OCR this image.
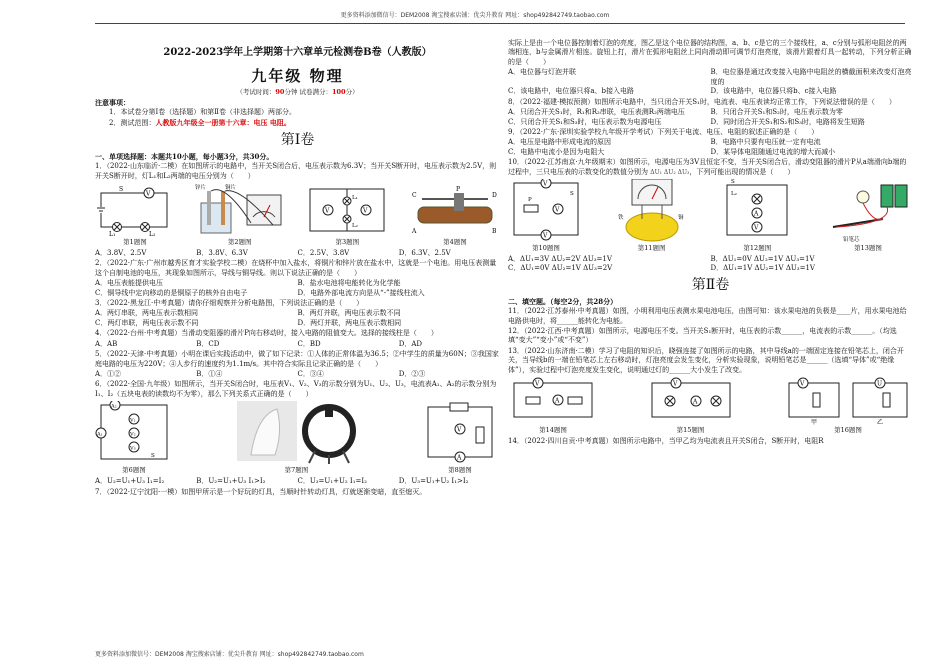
更多资料添加微信号：DEM2008 淘宝搜索店铺：优尖升教育 网址：shop492842749.taobao.com
2022-2023学年上学期第十六章单元检测卷B卷（人教版）
九年级 物理
（考试时间：90分钟 试卷满分：100分）
注意事项：
1．本试卷分第Ⅰ卷（选择题）和第Ⅱ卷（非选择题）两部分。
2．测试范围：人教版九年级全一册第十六章：电压 电阻。
第Ⅰ卷
一、单项选择题：本题共10小题，每小题3分，共30分。
1．（2022·山东临沂·二模）在如图所示的电路中，当开关S闭合后，电压表示数为6.3V；当开关S断开时，电压表示数为2.5V，则开关S断开时，灯L₁和L₂两端的电压分别为（　　）
V
S
L₁	L₂
第1题图
锌片	铜片
第2题图
V	V
L₁
L₂
第3题图
P
C	D
A	B
第4题图
A．3.8V、2.5V	B．3.8V、6.3V	C．2.5V、3.8V	D．6.3V、2.5V
2．（2022·广东·广州市越秀区育才实验学校二模）在烧杯中加入盐水，将铜片和锌片放在盐水中，这就是一个电池。用电压表测量这个自制电池的电压，其现象如图所示，导线与铜导线。则以下说法正确的是（　　）
A．电压表能提供电压	B．盐水电池将电能转化为化学能
C．铜导线中定向移动的是铜原子的核外自由电子	D．电路外部电流方向是从“-”接线柱流入
3．（2022·黑龙江·中考真题）请你仔细观察并分析电路图，下列说法正确的是（　　）
A．两灯串联，两电压表示数相同	B．两灯并联，两电压表示数不同
C．两灯串联，两电压表示数不同	D．两灯并联，两电压表示数相同
4．（2022·台州·中考真题）当滑动变阻器的滑片P向右移动时，接入电路的阻值变大。选择的接线柱是（　　）
A．AB	B．CD	C．BD	D．AD
5．（2022·天津·中考真题）小明在课后实践活动中，做了如下记录：①人体的正常体温为36.5；②中学生的质量为60N；③我国家庭电路的电压为220V；④人步行的速度约为1.1m/s。其中符合实际且记录正确的是（　　）
A．①②	B．①④	C．③④	D．②③
6．（2022·全国·九年级）如图所示，当开关S闭合时，电压表V₁、V₂、V₃的示数分别为U₁、U₂、U₃，电流表A₁、A₂的示数分别为I₁、I₂（五块电表的读数均不为零），那么下列关系式正确的是（　　）
A₂
V₁
V₂
V₃
A₁
S
第6题图	第7题图
V
A
第8题图
A．U₂=U₁+U₃ I₁=I₂	B．U₂=U₁+U₃ I₁>I₂	C．U₃=U₁+U₂ I₁=I₂	D．U₃=U₁+U₂ I₁>I₂
7．（2022·辽宁沈阳·一模）如图甲所示是一个好玩的灯具，当顺时针转动灯具，灯就逐渐变暗，直至熄灭。
实际上是由一个电位器控制着灯泡的亮度，图乙是这个电位器的结构图，a、b、c是它的三个接线柱，a、c分别与弧形电阻丝的两端相连，b与金属滑片相连。旋钮上打，滑片在弧形电阻丝上同向滑动即可调节灯泡亮度，该滑片跟着灯具一起转动，下列分析正确的是（　　）
A．电位器与灯泡并联	B．电位器是通过改变接入电路中电阻丝的横截面积来改变灯泡亮度的
C．该电路中，电位器只将a、b接入电路	D．该电路中，电位器只将b、c接入电路
8．（2022·福建·模拟预测）如图所示电路中，当只闭合开关S₁时，电流表、电压表读均正常工作，下列说法错误的是（　　）
A．只闭合开关S₁时，R₁和R₂串联，电压表测R₂两端电压	B．只闭合开关S₁和S₂时，电压表示数为零
C．只闭合开关S₁和S₃时，电压表示数为电源电压	D．同时闭合开关S₁和S₂和S₃时，电路将发生短路
9．（2022·广东·深圳实验学校九年级开学考试）下列关于电流、电压、电阻的叙述正确的是（　　）
A．电压是电路中形成电流的原因	B．电路中只要有电压就一定有电流
C．电路中电流小是因为电阻大	D．某导体电阻随通过电流的增大而减小
10．（2022·江苏南京·九年级期末）如图所示，电源电压为3V且恒定不变，当开关S闭合后，滑动变阻器的滑片P从a端滑向b端的过程中，三只电压表的示数变化的数值分别为 ΔU₁ ΔU₂ ΔU₃，下列可能出现的情况是（　　）
V
V
V
P
S
第10题图
铁	铜
第11题图
A
V
L₂
S
第12题图
铅笔芯
第13题图
A．ΔU₁=3V ΔU₂=2V ΔU₃=1V	B．ΔU₁=0V ΔU₂=1V ΔU₃=1V
C．ΔU₁=0V ΔU₂=1V ΔU₃=2V	D．ΔU₁=1V ΔU₂=1V ΔU₃=1V
第Ⅱ卷
二、填空题。（每空2分，共28分）
11．（2022·江苏泰州·中考真题）如图，小明利用电压表测水果电池电压，由图可知：该水果电池的负极是____片，用水果电池给电路供电时，将______能转化为电能。
12．（2022·江西·中考真题）如图所示，电源电压不变。当开关S₁断开时，电压表的示数______，电流表的示数______。（均选填“变大”“变小”或“不变”）
13．（2022·山东济南·二模）学习了电阻的知识后，晓强连接了如图所示的电路，其中导线a的一端固定连接在铅笔芯上，闭合开关，当导线b的一端在铅笔芯上左右移动时，灯泡亮度会发生变化，分析实验现象，说明铅笔芯是______（选填“导体”或“绝缘体”），实验过程中灯泡亮度发生变化，说明通过灯的______大小发生了改变。
V
A
第14题图
V
A
第15题图
V	U
甲	乙
第16题图
14．（2022·四川自贡·中考真题）如图所示电路中，当甲乙均为电流表且开关S闭合，S断开时，电阻R
更多资料添加微信号：DEM2008 淘宝搜索店铺：优尖升教育 网址：shop492842749.taobao.com
